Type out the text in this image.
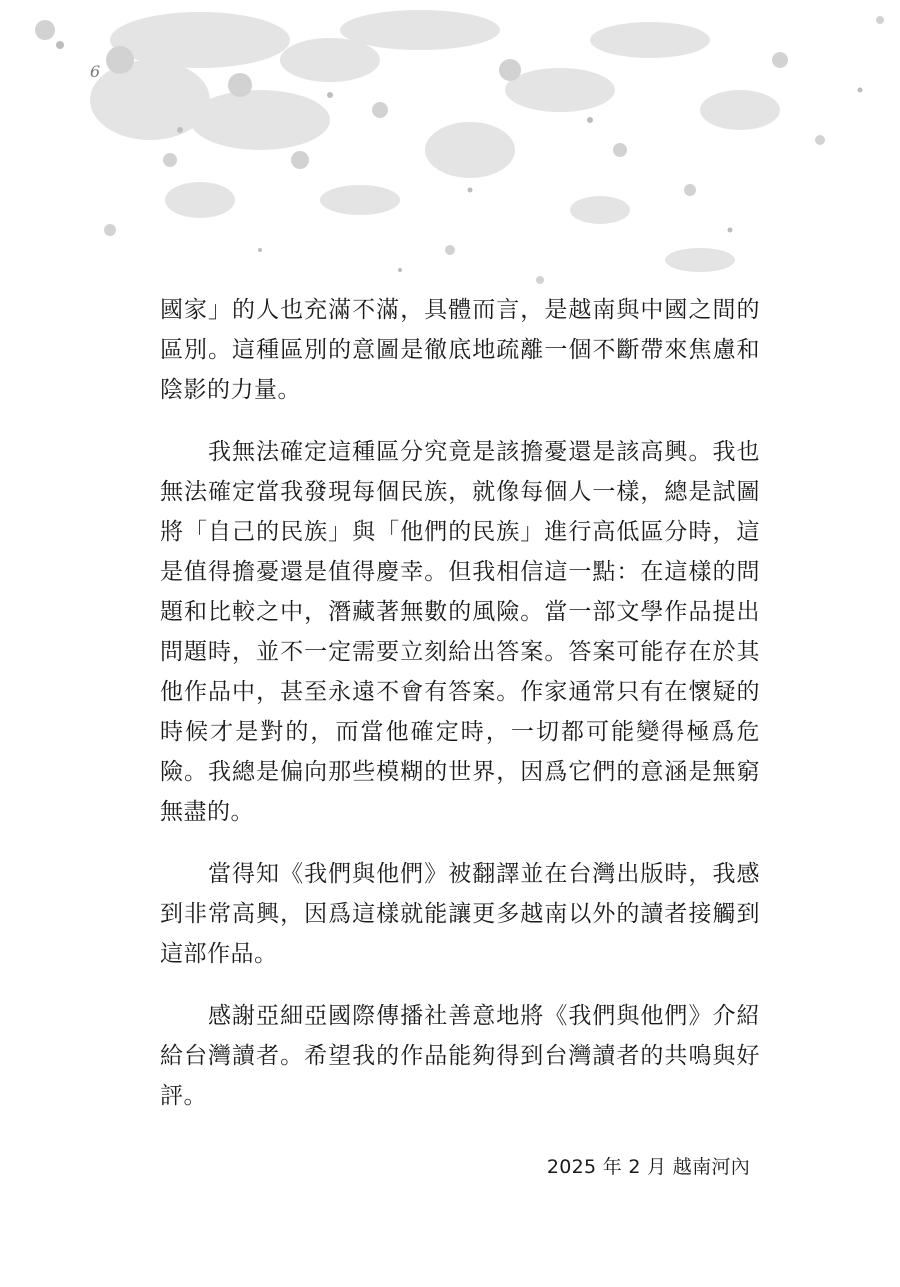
6

國家」的人也充滿不滿，具體而言，是越南與中國之間的區別。這種區別的意圖是徹底地疏離一個不斷帶來焦慮和陰影的力量。

我無法確定這種區分究竟是該擔憂還是該高興。我也無法確定當我發現每個民族，就像每個人一樣，總是試圖將「自己的民族」與「他們的民族」進行高低區分時，這是值得擔憂還是值得慶幸。但我相信這一點：在這樣的問題和比較之中，潛藏著無數的風險。當一部文學作品提出問題時，並不一定需要立刻給出答案。答案可能存在於其他作品中，甚至永遠不會有答案。作家通常只有在懷疑的時候才是對的，而當他確定時，一切都可能變得極爲危險。我總是偏向那些模糊的世界，因爲它們的意涵是無窮無盡的。

當得知《我們與他們》被翻譯並在台灣出版時，我感到非常高興，因爲這樣就能讓更多越南以外的讀者接觸到這部作品。

感謝亞細亞國際傳播社善意地將《我們與他們》介紹給台灣讀者。希望我的作品能夠得到台灣讀者的共鳴與好評。

2025 年 2 月 越南河內
